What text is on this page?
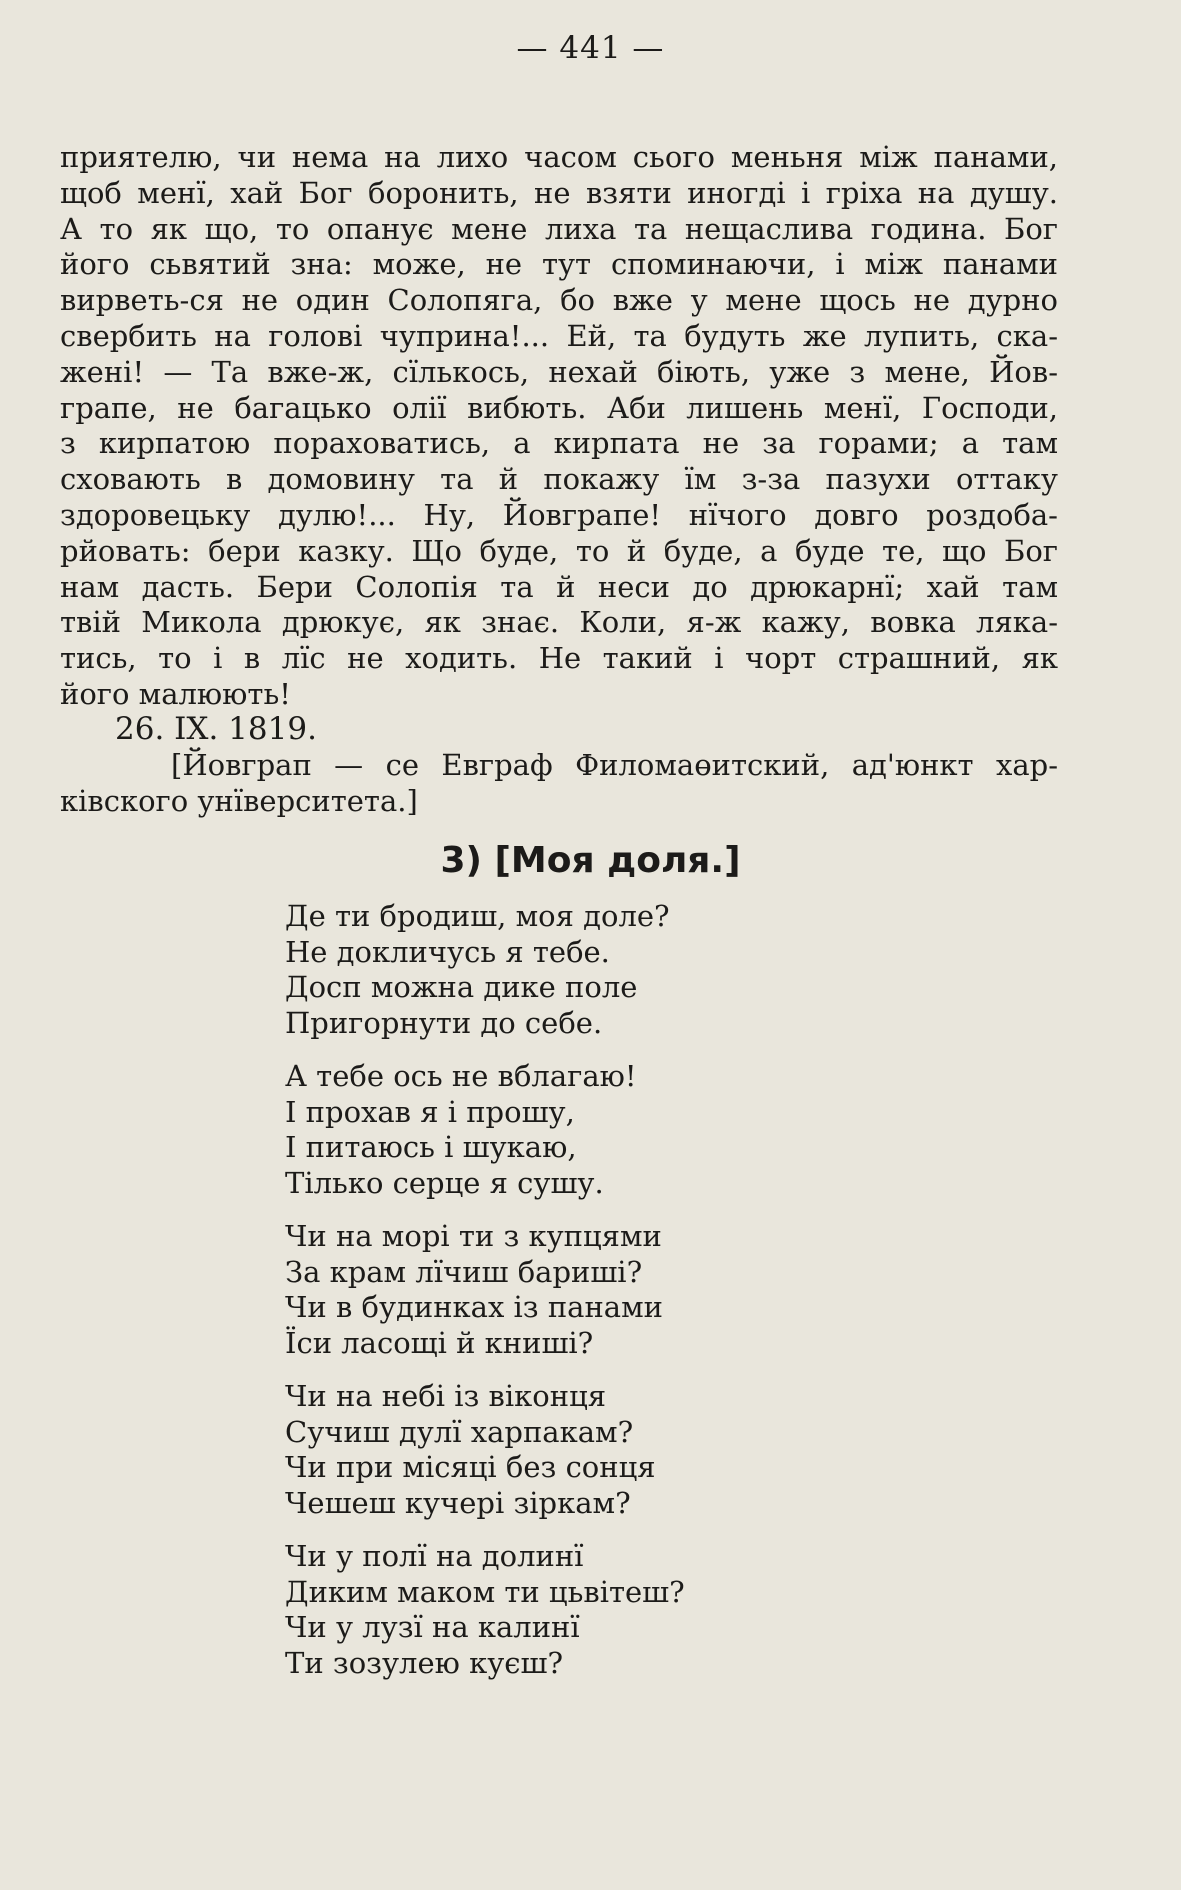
— 441 —
приятелю, чи нема на лихо часом сього меньня між панами,
щоб менї, хай Бог боронить, не взяти иногді і гріха на душу.
А то як що, то опанує мене лиха та нещаслива година. Бог
його сьвятий зна: може, не тут споминаючи, і між панами
вирветь-ся не один Солопяга, бо вже у мене щось не дурно
свербить на голові чуприна!... Ей, та будуть же лупить, ска-
жені! — Та вже-ж, сїлькось, нехай біють, уже з мене, Йов-
грапе, не багацько олії вибють. Аби лишень менї, Господи,
з кирпатою пораховатись, а кирпата не за горами; а там
сховають в домовину та й покажу їм з-за пазухи оттаку
здоровецьку дулю!... Ну, Йовграпе! нїчого довго роздоба-
рйовать: бери казку. Що буде, то й буде, а буде те, що Бог
нам дасть. Бери Солопія та й неси до дрюкарнї; хай там
твій Микола дрюкує, як знає. Коли, я-ж кажу, вовка ляка-
тись, то і в лїс не ходить. Не такий і чорт страшний, як
його малюють!
26. IX. 1819.
[Йовграп — се Евграф Филомаөитский, ад'юнкт хар-
ківского унїверситета.]
3) [Моя доля.]
Де ти бродиш, моя доле?
Не докличусь я тебе.
Досп можна дике поле
Пригорнути до себе.
А тебе ось не вблагаю!
І прохав я і прошу,
І питаюсь і шукаю,
Тілько серце я сушу.
Чи на морі ти з купцями
За крам лїчиш бариші?
Чи в будинках із панами
Їси ласощі й книші?
Чи на небі із віконця
Сучиш дулї харпакам?
Чи при місяці без сонця
Чешеш кучері зіркам?
Чи у полї на долинї
Диким маком ти цьвітеш?
Чи у лузї на калинї
Ти зозулею куєш?
